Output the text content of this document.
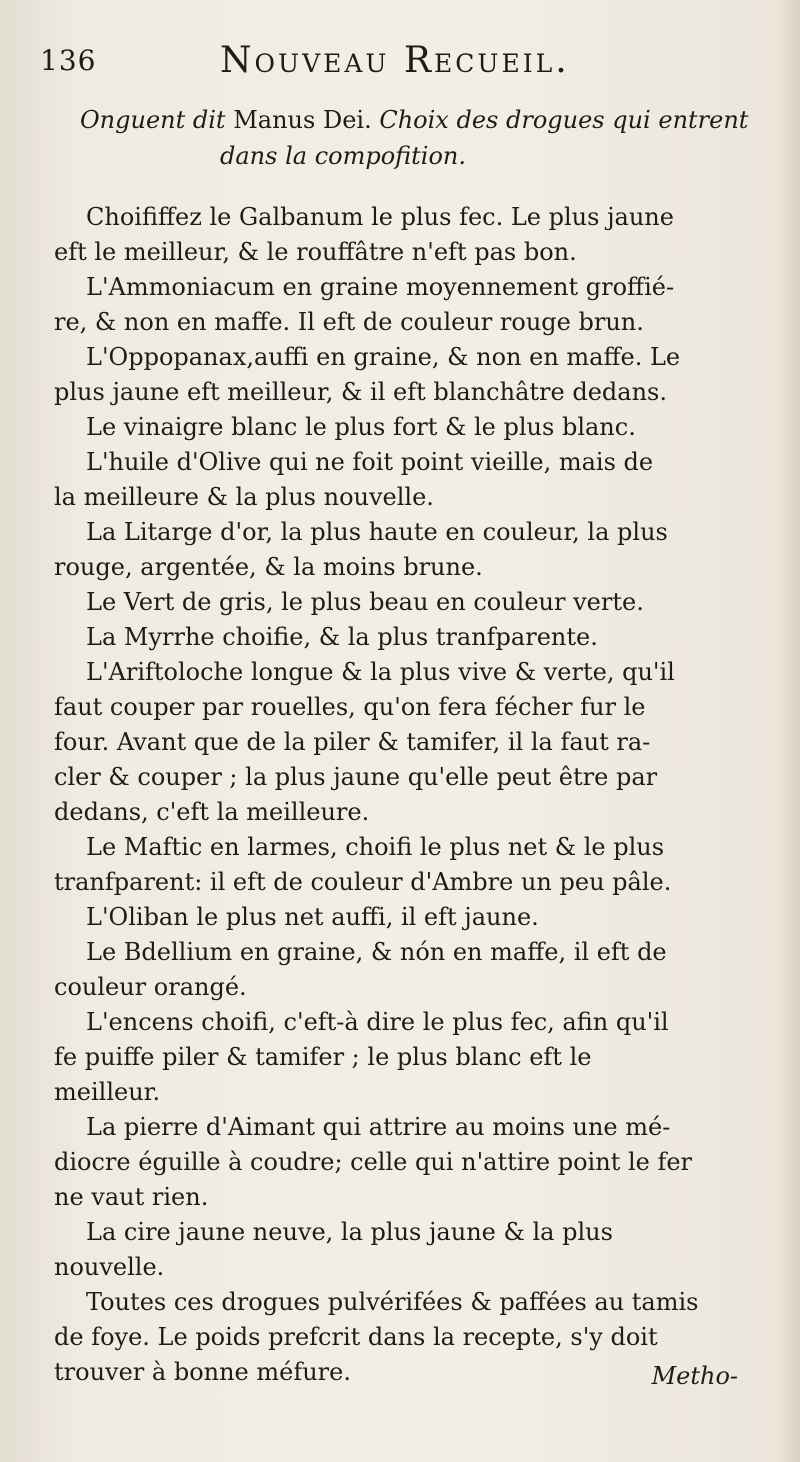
136	Nouveau Recueil.
Onguent dit Manus Dei. Choix des drogues qui entrent
dans la compofition.
Choififfez le Galbanum le plus fec. Le plus jaune
eft le meilleur, & le rouffâtre n'eft pas bon.
L'Ammoniacum en graine moyennement groffié-
re, & non en maffe. Il eft de couleur rouge brun.
L'Oppopanax,auffi en graine, & non en maffe. Le
plus jaune eft meilleur, & il eft blanchâtre dedans.
Le vinaigre blanc le plus fort & le plus blanc.
L'huile d'Olive qui ne foit point vieille, mais de
la meilleure & la plus nouvelle.
La Litarge d'or, la plus haute en couleur, la plus
rouge, argentée, & la moins brune.
Le Vert de gris, le plus beau en couleur verte.
La Myrrhe choifie, & la plus tranfparente.
L'Ariftoloche longue & la plus vive & verte, qu'il
faut couper par rouelles, qu'on fera fécher fur le
four. Avant que de la piler & tamifer, il la faut ra-
cler & couper ; la plus jaune qu'elle peut être par
dedans, c'eft la meilleure.
Le Maftic en larmes, choifi le plus net & le plus
tranfparent: il eft de couleur d'Ambre un peu pâle.
L'Oliban le plus net auffi, il eft jaune.
Le Bdellium en graine, & nón en maffe, il eft de
couleur orangé.
L'encens choifi, c'eft-à dire le plus fec, afin qu'il
fe puiffe piler & tamifer ; le plus blanc eft le
meilleur.
La pierre d'Aimant qui attrire au moins une mé-
diocre éguille à coudre; celle qui n'attire point le fer
ne vaut rien.
La cire jaune neuve, la plus jaune & la plus
nouvelle.
Toutes ces drogues pulvérifées & paffées au tamis
de foye. Le poids prefcrit dans la recepte, s'y doit
trouver à bonne méfure.	Metho-
